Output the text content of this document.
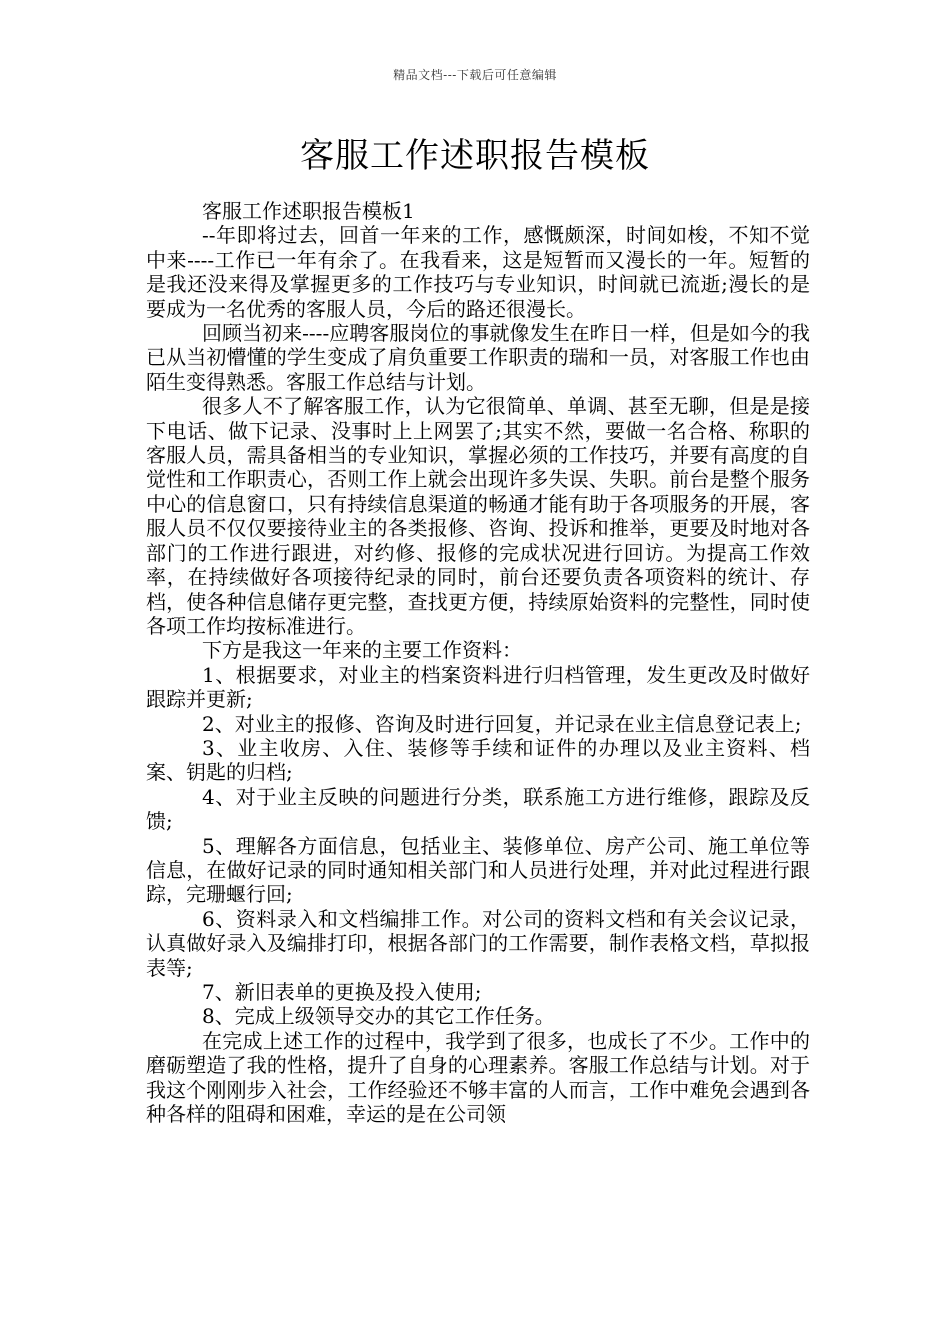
精品文档---下载后可任意编辑
客服工作述职报告模板

客服工作述职报告模板1

--年即将过去，回首一年来的工作，感慨颇深，时间如梭，不知不觉中来----工作已一年有余了。在我看来，这是短暂而又漫长的一年。短暂的是我还没来得及掌握更多的工作技巧与专业知识，时间就已流逝;漫长的是要成为一名优秀的客服人员，今后的路还很漫长。

回顾当初来----应聘客服岗位的事就像发生在昨日一样，但是如今的我已从当初懵懂的学生变成了肩负重要工作职责的瑞和一员，对客服工作也由陌生变得熟悉。客服工作总结与计划。

很多人不了解客服工作，认为它很简单、单调、甚至无聊，但是是接下电话、做下记录、没事时上上网罢了;其实不然，要做一名合格、称职的客服人员，需具备相当的专业知识，掌握必须的工作技巧，并要有高度的自觉性和工作职责心，否则工作上就会出现许多失误、失职。前台是整个服务中心的信息窗口，只有持续信息渠道的畅通才能有助于各项服务的开展，客服人员不仅仅要接待业主的各类报修、咨询、投诉和推举，更要及时地对各部门的工作进行跟进，对约修、报修的完成状况进行回访。为提高工作效率，在持续做好各项接待纪录的同时，前台还要负责各项资料的统计、存档，使各种信息储存更完整，查找更方便，持续原始资料的完整性，同时使各项工作均按标准进行。

下方是我这一年来的主要工作资料：

1、根据要求，对业主的档案资料进行归档管理，发生更改及时做好跟踪并更新;

2、对业主的报修、咨询及时进行回复，并记录在业主信息登记表上;

3、业主收房、入住、装修等手续和证件的办理以及业主资料、档案、钥匙的归档;

4、对于业主反映的问题进行分类，联系施工方进行维修，跟踪及反馈;

5、理解各方面信息，包括业主、装修单位、房产公司、施工单位等信息，在做好记录的同时通知相关部门和人员进行处理，并对此过程进行跟踪，完珊蝘行回;

6、资料录入和文档编排工作。对公司的资料文档和有关会议记录，认真做好录入及编排打印，根据各部门的工作需要，制作表格文档，草拟报表等;

7、新旧表单的更换及投入使用;

8、完成上级领导交办的其它工作任务。

在完成上述工作的过程中，我学到了很多，也成长了不少。工作中的磨砺塑造了我的性格，提升了自身的心理素养。客服工作总结与计划。对于我这个刚刚步入社会，工作经验还不够丰富的人而言，工作中难免会遇到各种各样的阻碍和困难，幸运的是在公司领
